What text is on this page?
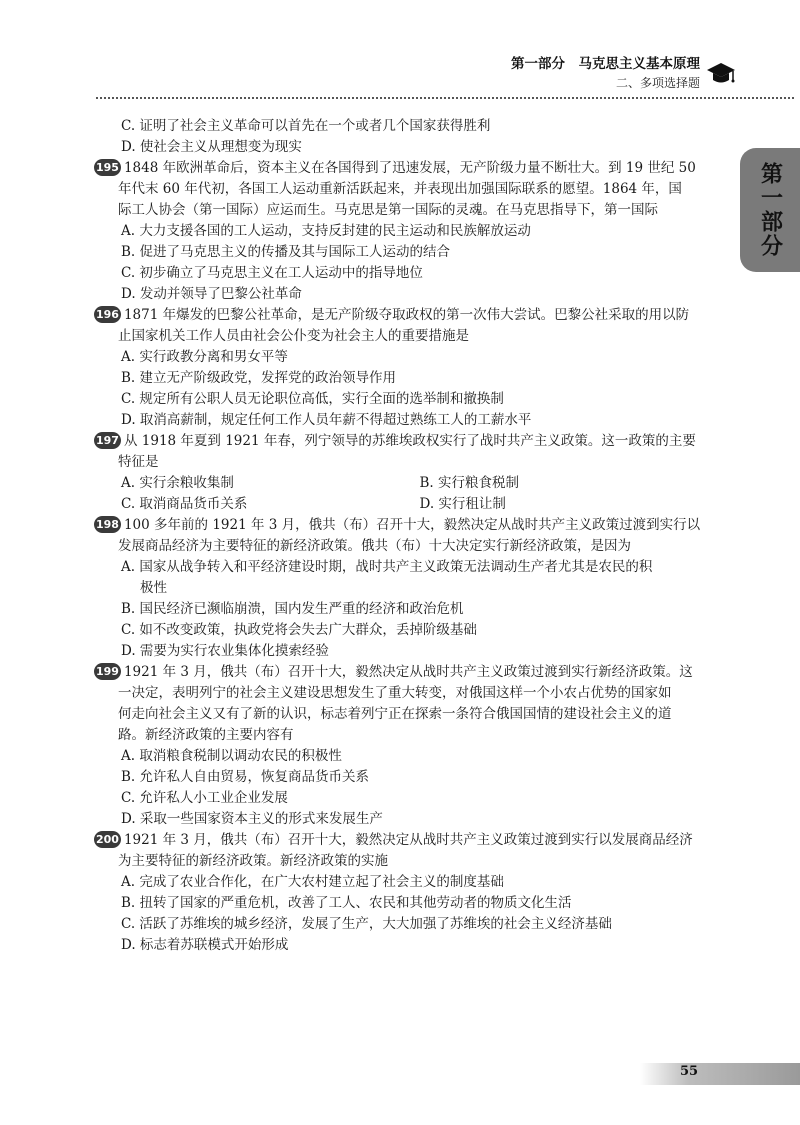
第一部分　马克思主义基本原理
二、多项选择题
第一部分
C. 证明了社会主义革命可以首先在一个或者几个国家获得胜利
D. 使社会主义从理想变为现实
195 1848 年欧洲革命后，资本主义在各国得到了迅速发展，无产阶级力量不断壮大。到 19 世纪 50
年代末 60 年代初，各国工人运动重新活跃起来，并表现出加强国际联系的愿望。1864 年，国
际工人协会（第一国际）应运而生。马克思是第一国际的灵魂。在马克思指导下，第一国际
A. 大力支援各国的工人运动，支持反封建的民主运动和民族解放运动
B. 促进了马克思主义的传播及其与国际工人运动的结合
C. 初步确立了马克思主义在工人运动中的指导地位
D. 发动并领导了巴黎公社革命
196 1871 年爆发的巴黎公社革命，是无产阶级夺取政权的第一次伟大尝试。巴黎公社采取的用以防
止国家机关工作人员由社会公仆变为社会主人的重要措施是
A. 实行政教分离和男女平等
B. 建立无产阶级政党，发挥党的政治领导作用
C. 规定所有公职人员无论职位高低，实行全面的选举制和撤换制
D. 取消高薪制，规定任何工作人员年薪不得超过熟练工人的工薪水平
197 从 1918 年夏到 1921 年春，列宁领导的苏维埃政权实行了战时共产主义政策。这一政策的主要
特征是
A. 实行余粮收集制	B. 实行粮食税制
C. 取消商品货币关系	D. 实行租让制
198 100 多年前的 1921 年 3 月，俄共（布）召开十大，毅然决定从战时共产主义政策过渡到实行以
发展商品经济为主要特征的新经济政策。俄共（布）十大决定实行新经济政策，是因为
A. 国家从战争转入和平经济建设时期，战时共产主义政策无法调动生产者尤其是农民的积
极性
B. 国民经济已濒临崩溃，国内发生严重的经济和政治危机
C. 如不改变政策，执政党将会失去广大群众，丢掉阶级基础
D. 需要为实行农业集体化摸索经验
199 1921 年 3 月，俄共（布）召开十大，毅然决定从战时共产主义政策过渡到实行新经济政策。这
一决定，表明列宁的社会主义建设思想发生了重大转变，对俄国这样一个小农占优势的国家如
何走向社会主义又有了新的认识，标志着列宁正在探索一条符合俄国国情的建设社会主义的道
路。新经济政策的主要内容有
A. 取消粮食税制以调动农民的积极性
B. 允许私人自由贸易，恢复商品货币关系
C. 允许私人小工业企业发展
D. 采取一些国家资本主义的形式来发展生产
200 1921 年 3 月，俄共（布）召开十大，毅然决定从战时共产主义政策过渡到实行以发展商品经济
为主要特征的新经济政策。新经济政策的实施
A. 完成了农业合作化，在广大农村建立起了社会主义的制度基础
B. 扭转了国家的严重危机，改善了工人、农民和其他劳动者的物质文化生活
C. 活跃了苏维埃的城乡经济，发展了生产，大大加强了苏维埃的社会主义经济基础
D. 标志着苏联模式开始形成
55
